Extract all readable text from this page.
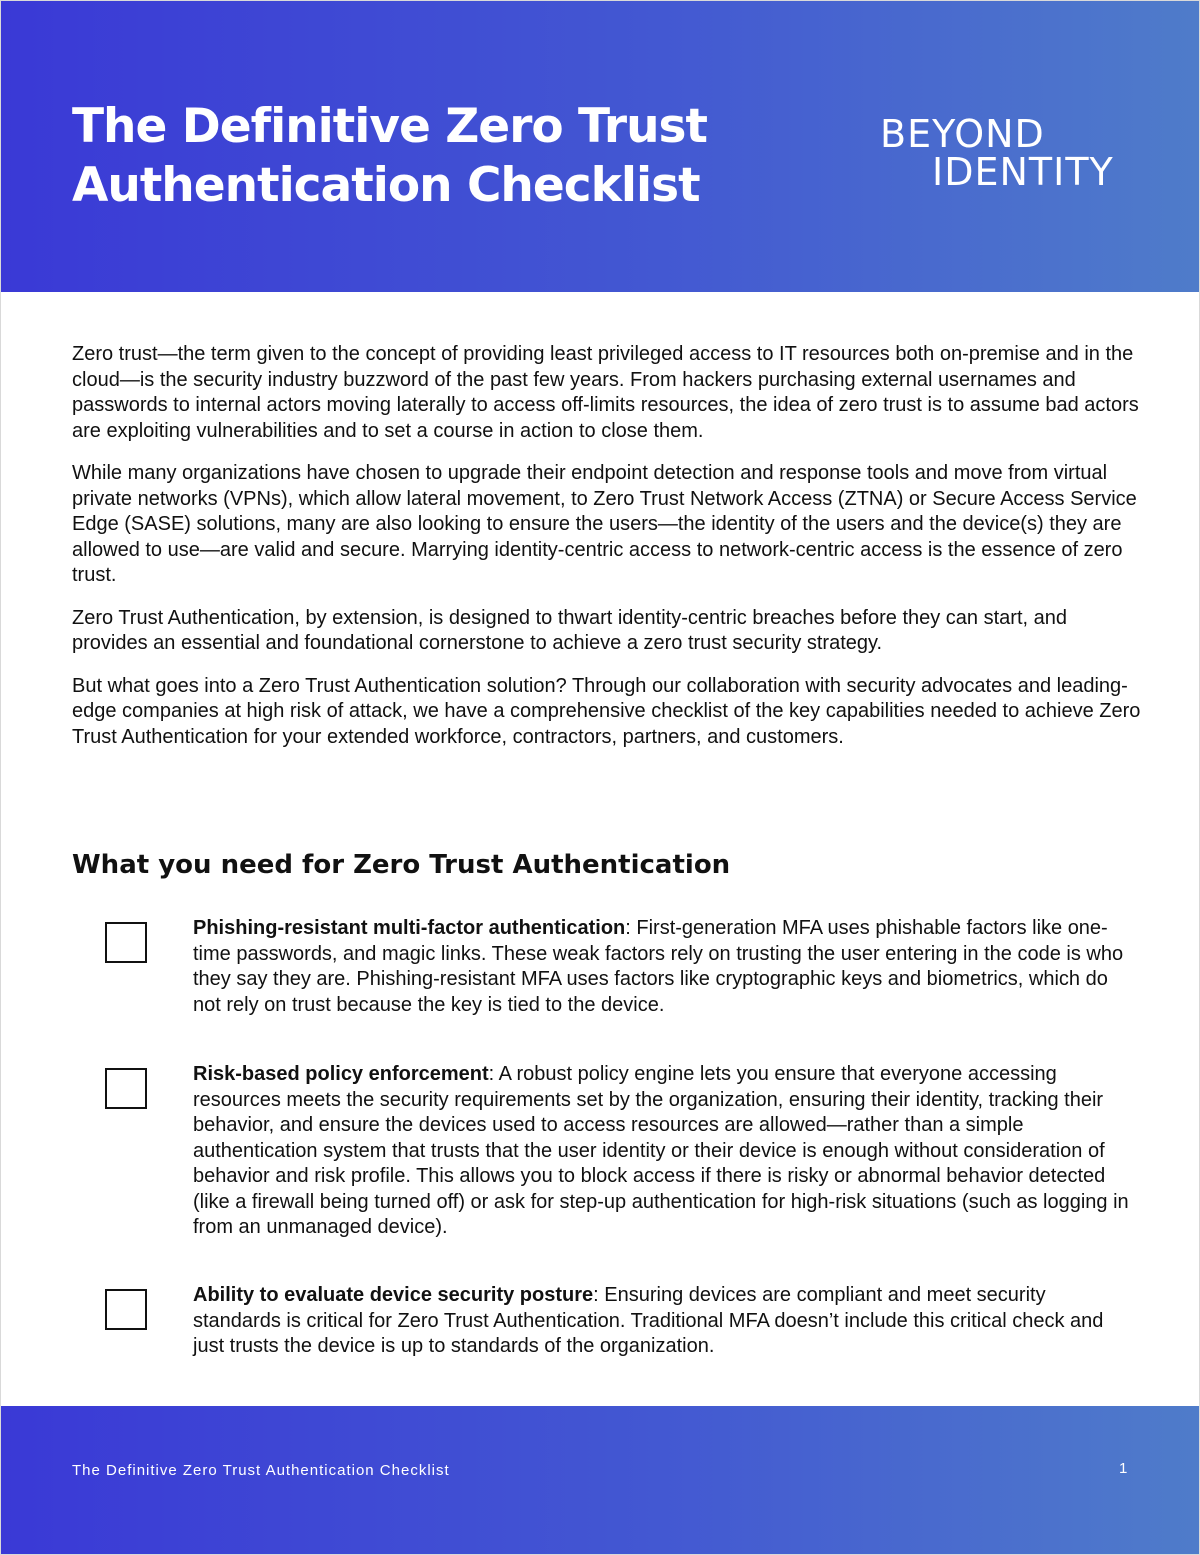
The Definitive Zero Trust
Authentication Checklist
BEYOND
IDENTITY

Zero trust—the term given to the concept of providing least privileged access to IT resources both on-premise and in the cloud—is the security industry buzzword of the past few years. From hackers purchasing external usernames and passwords to internal actors moving laterally to access off-limits resources, the idea of zero trust is to assume bad actors are exploiting vulnerabilities and to set a course in action to close them.

While many organizations have chosen to upgrade their endpoint detection and response tools and move from virtual private networks (VPNs), which allow lateral movement, to Zero Trust Network Access (ZTNA) or Secure Access Service Edge (SASE) solutions, many are also looking to ensure the users—the identity of the users and the device(s) they are allowed to use—are valid and secure. Marrying identity-centric access to network-centric access is the essence of zero trust.

Zero Trust Authentication, by extension, is designed to thwart identity-centric breaches before they can start, and provides an essential and foundational cornerstone to achieve a zero trust security strategy.

But what goes into a Zero Trust Authentication solution? Through our collaboration with security advocates and leading-edge companies at high risk of attack, we have a comprehensive checklist of the key capabilities needed to achieve Zero Trust Authentication for your extended workforce, contractors, partners, and customers.

What you need for Zero Trust Authentication

Phishing-resistant multi-factor authentication: First-generation MFA uses phishable factors like one-time passwords, and magic links. These weak factors rely on trusting the user entering in the code is who they say they are. Phishing-resistant MFA uses factors like cryptographic keys and biometrics, which do not rely on trust because the key is tied to the device.

Risk-based policy enforcement: A robust policy engine lets you ensure that everyone accessing resources meets the security requirements set by the organization, ensuring their identity, tracking their behavior, and ensure the devices used to access resources are allowed—rather than a simple authentication system that trusts that the user identity or their device is enough without consideration of behavior and risk profile. This allows you to block access if there is risky or abnormal behavior detected (like a firewall being turned off) or ask for step-up authentication for high-risk situations (such as logging in from an unmanaged device).

Ability to evaluate device security posture: Ensuring devices are compliant and meet security standards is critical for Zero Trust Authentication. Traditional MFA doesn’t include this critical check and just trusts the device is up to standards of the organization.

The Definitive Zero Trust Authentication Checklist	1
